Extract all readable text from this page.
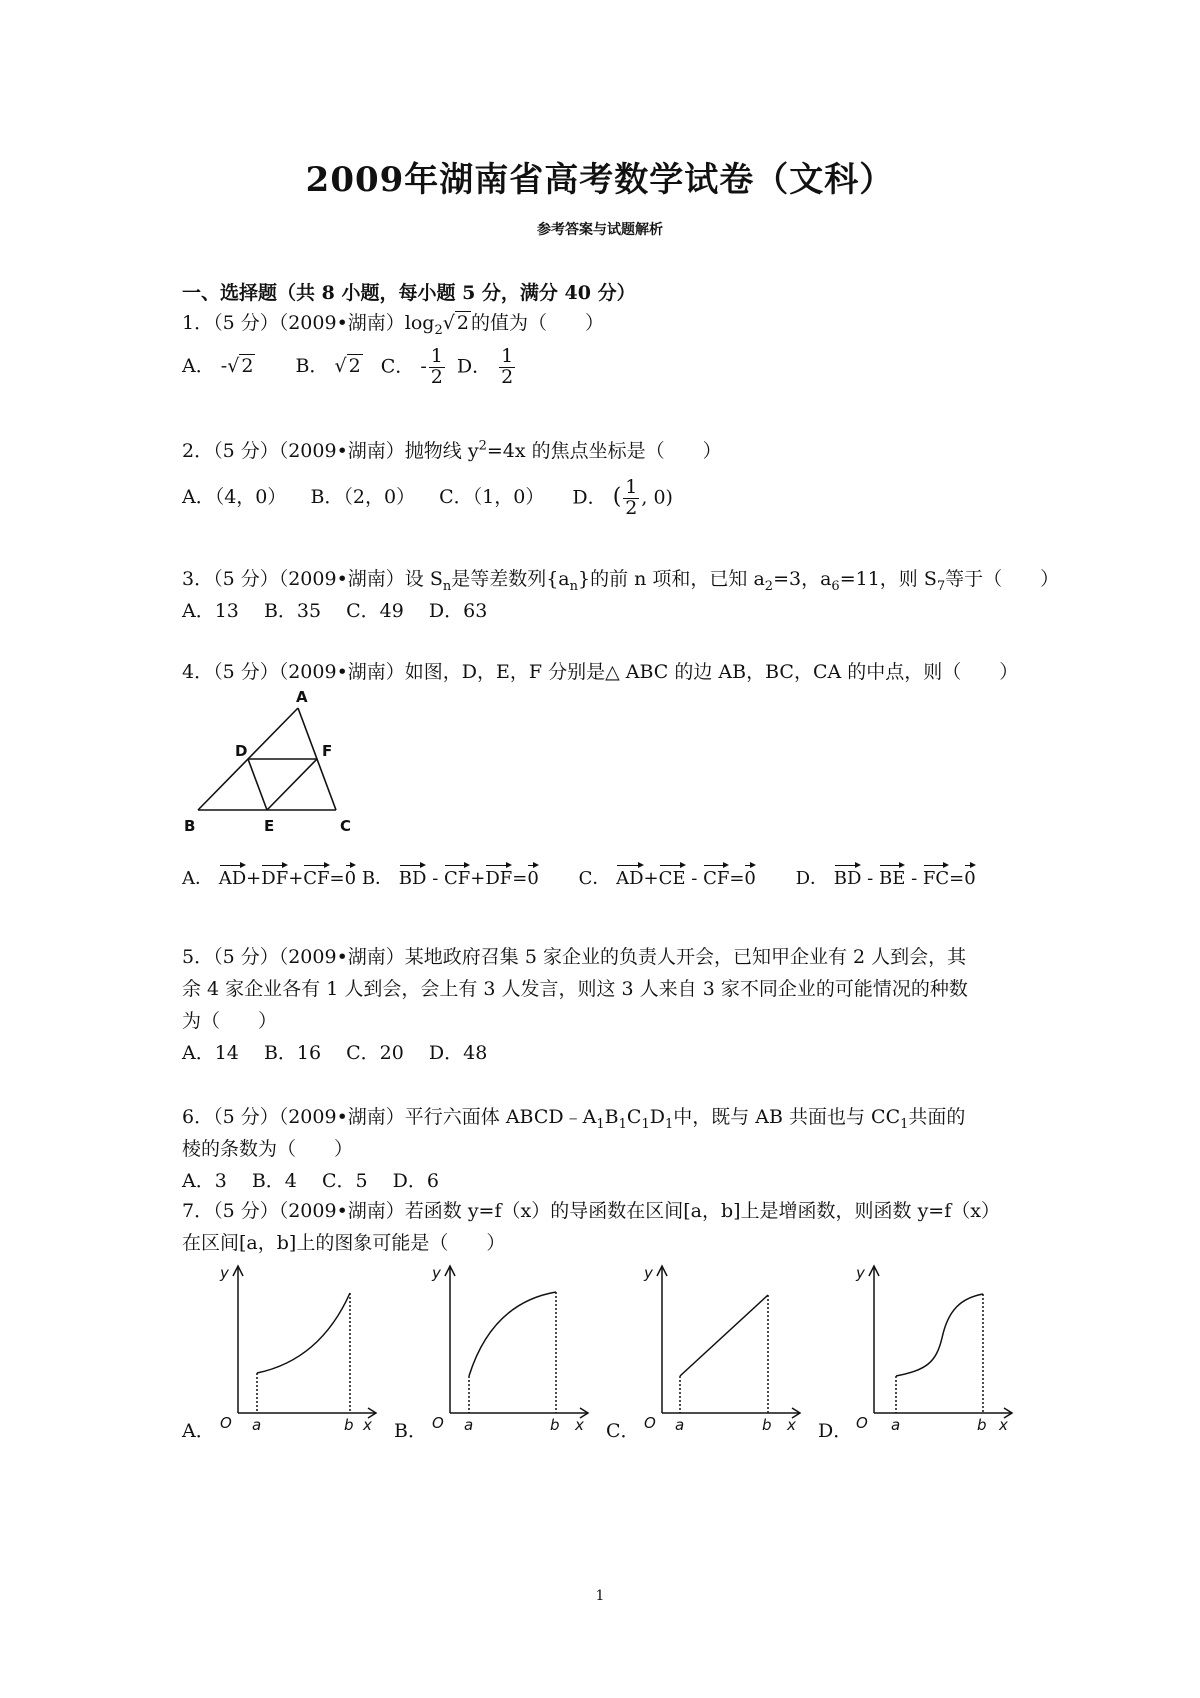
2009年湖南省高考数学试卷（文科）
参考答案与试题解析
一、选择题（共 8 小题，每小题 5 分，满分 40 分）
1．（5 分）（2009•湖南）$\log_2√$ 2 的值为（　　）
A． -√ 2 B． √ 2 C． - $\frac{1}{2}$ D． $\frac{1}{2}$
2．（5 分）（2009•湖南）抛物线 $y^2=4x$ 的焦点坐标是（　　）
A．（4，0） B．（2，0） C．（1，0） D． ( $\frac{1}{2}$ , 0)
3．（5 分）（2009•湖南）设 $S_n$是等差数列$\{a_n\}$的前 n 项和，已知 $a_2=3$，$a_6=11$，则 $S_7$等于（　　）
A．13　 B．35　 C．49　 D．63
4．（5 分）（2009•湖南）如图，D，E，F 分别是△ ABC 的边 AB，BC，CA 的中点，则（　　）
A
B	C
D
E
F
A． AD+DF+CF=0 B． BD - CF+DF=0 C． AD+CE - CF=0 D． BD - BE - FC=0
5．（5 分）（2009•湖南）某地政府召集 5 家企业的负责人开会，已知甲企业有 2 人到会，其
余 4 家企业各有 1 人到会，会上有 3 人发言，则这 3 人来自 3 家不同企业的可能情况的种数
为（　　）
A．14　 B．16　 C．20　 D．48
6．（5 分）（2009•湖南）平行六面体 $ABCD﹣A_1B_1C_1D_1$中，既与 AB 共面也与 $CC_1$共面的
棱的条数为（　　）
A．3　 B．4　 C．5　 D．6
7．（5 分）（2009•湖南）若函数 y=f（x）的导函数在区间[a，b]上是增函数，则函数 y=f（x）
在区间[a，b]上的图象可能是（　　）
A．	B．	C．	D．
y
O a	b x
y
O a	b x
y
O a	b x
y
O a	b x
1
